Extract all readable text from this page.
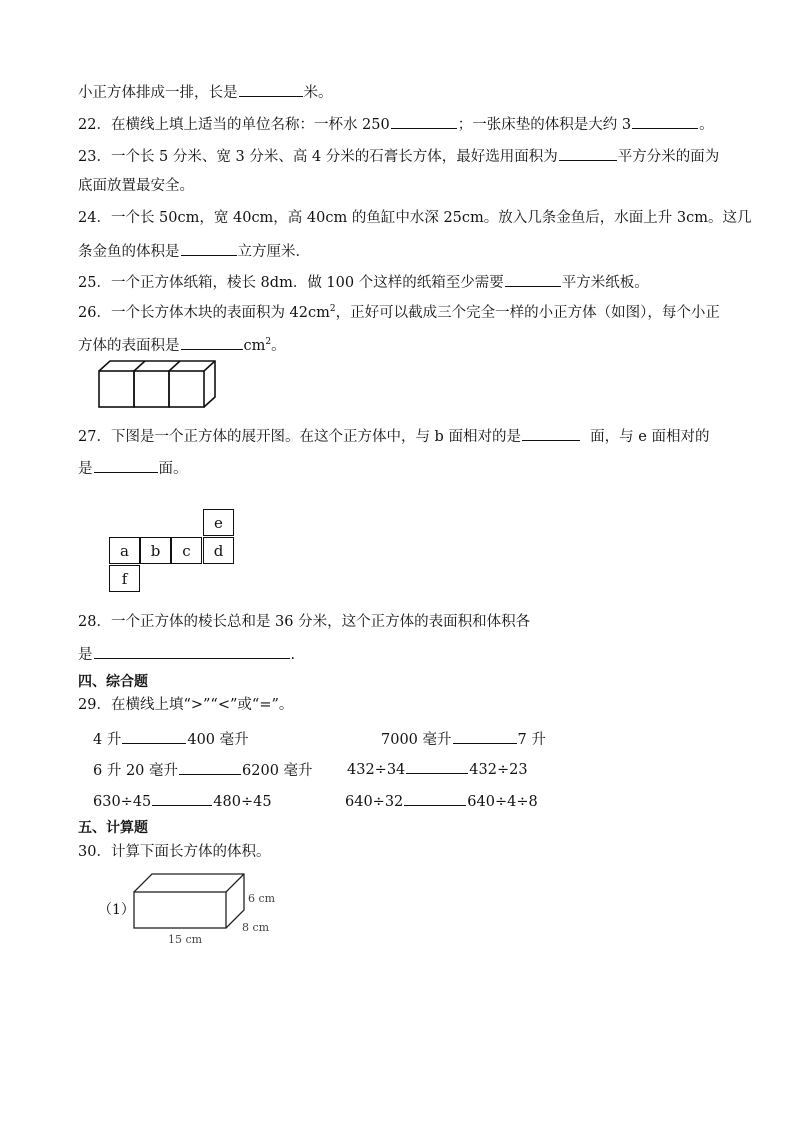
小正方体排成一排，长是	米。
22．在横线上填上适当的单位名称：一杯水 250	；一张床垫的体积是大约 3	。
23．一个长 5 分米、宽 3 分米、高 4 分米的石膏长方体，最好选用面积为	平方分米的面为
底面放置最安全。
24．一个长 50cm，宽 40cm，高 40cm 的鱼缸中水深 25cm。放入几条金鱼后，水面上升 3cm。这几
条金鱼的体积是	立方厘米．
25．一个正方体纸箱，棱长 8dm．做 100 个这样的纸箱至少需要	平方米纸板。
26．一个长方体木块的表面积为 $42cm^2$，正好可以截成三个完全一样的小正方体（如图），每个小正
方体的表面积是	$cm^2$。
27．下图是一个正方体的展开图。在这个正方体中，与 b 面相对的是	面，与 e 面相对的
是	面。
e
a	b	c	d
f
28．一个正方体的棱长总和是 36 分米，这个正方体的表面积和体积各
是	.
四、综合题
29．在横线上填“>”“<”或“=”。
4 升	400 毫升	7000 毫升	7 升
6 升 20 毫升	6200 毫升 432÷34	432÷23
630÷45	480÷45	640÷32	640÷4÷8
五、计算题
30．计算下面长方体的体积。
（1）
6 cm
8 cm
15 cm
